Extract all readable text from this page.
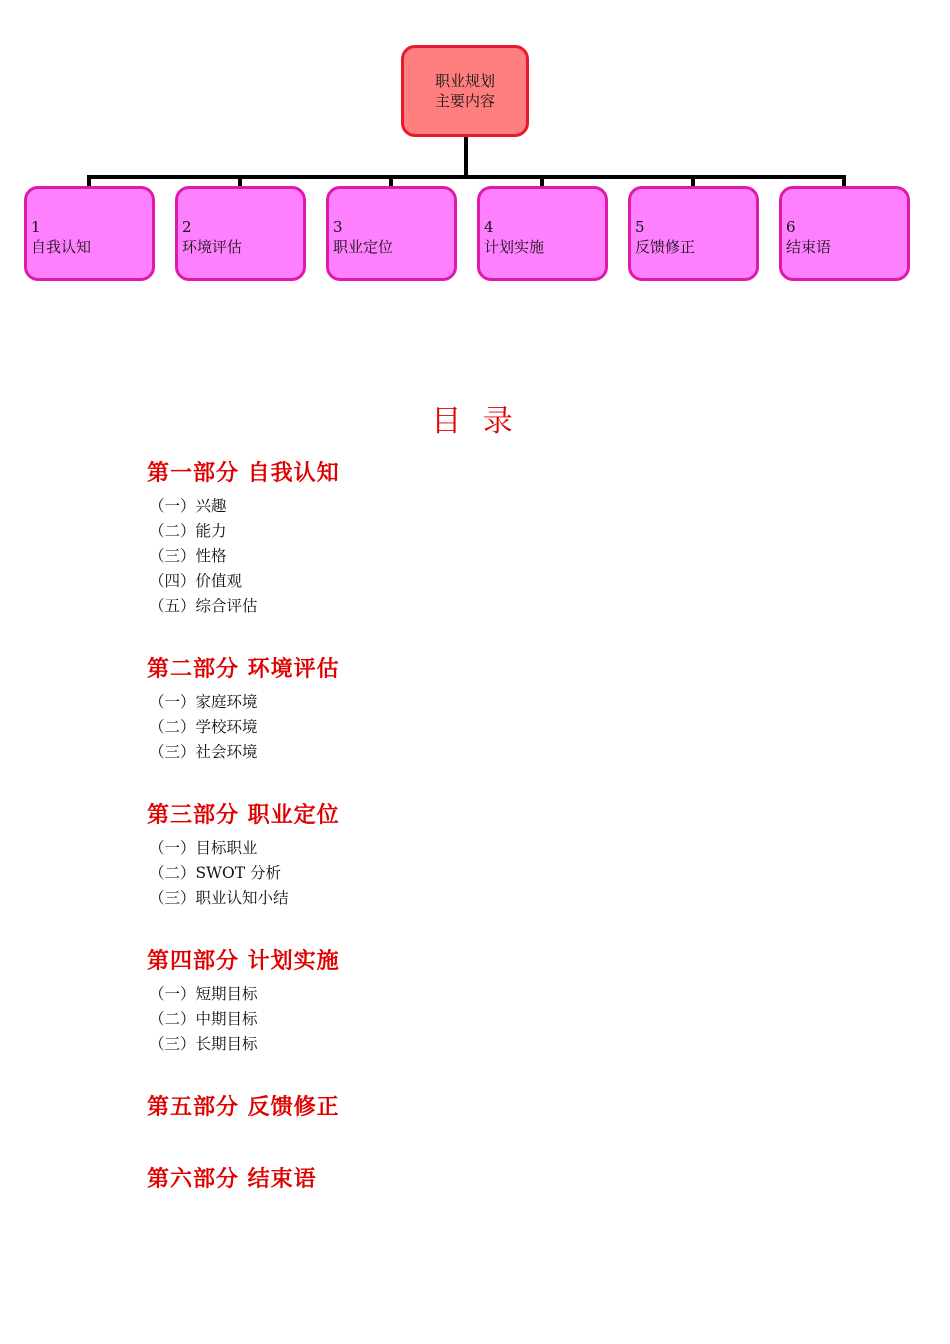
职业规划
主要内容
1
自我认知
2
环境评估
3
职业定位
4
计划实施
5
反馈修正
6
结束语
目 录
第一部分 自我认知
（一）兴趣
（二）能力
（三）性格
（四）价值观
（五）综合评估
第二部分 环境评估
（一）家庭环境
（二）学校环境
（三）社会环境
第三部分 职业定位
（一）目标职业
（二）SWOT 分析
（三）职业认知小结
第四部分 计划实施
（一）短期目标
（二）中期目标
（三）长期目标
第五部分 反馈修正
第六部分 结束语
